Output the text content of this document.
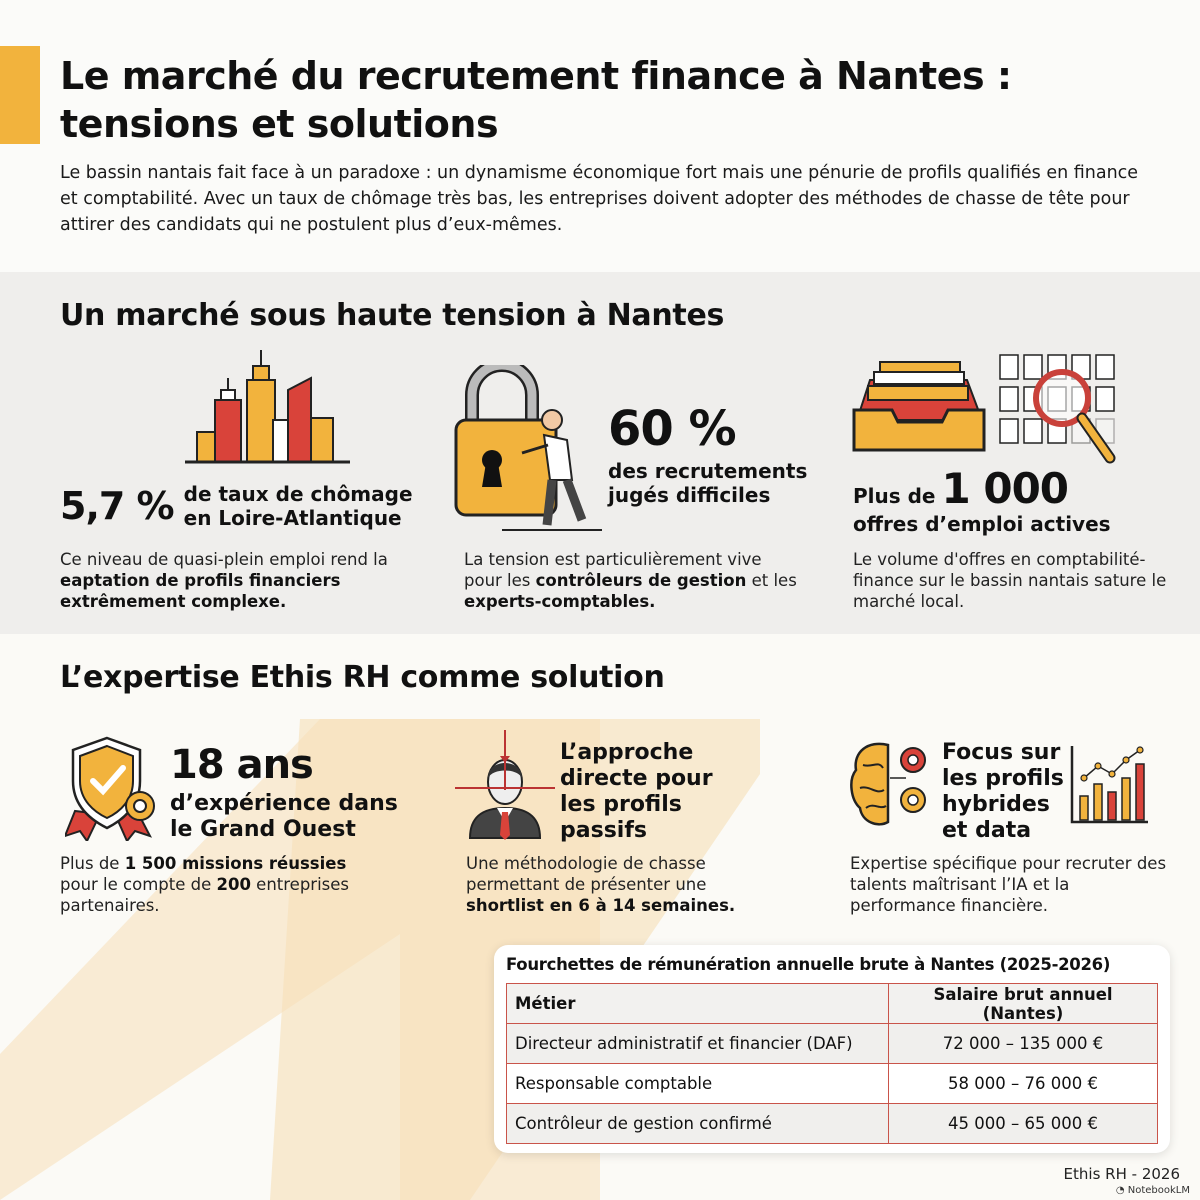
Le marché du recrutement finance à Nantes :
tensions et solutions

Le bassin nantais fait face à un paradoxe : un dynamisme économique fort mais une pénurie de profils qualifiés en finance et comptabilité. Avec un taux de chômage très bas, les entreprises doivent adopter des méthodes de chasse de tête pour attirer des candidats qui ne postulent plus d’eux-mêmes.

Un marché sous haute tension à Nantes
5,7 % de taux de chômage
en Loire-Atlantique

Ce niveau de quasi-plein emploi rend la eaptation de profils financiers extrêmement complexe.

60 %
des recrutements
jugés difficiles

La tension est particulièrement vive pour les contrôleurs de gestion et les experts-comptables.

Plus de 1 000
offres d’emploi actives

Le volume d'offres en comptabilité-finance sur le bassin nantais sature le marché local.

L’expertise Ethis RH comme solution
18 ans
d’expérience dans
le Grand Ouest

Plus de 1 500 missions réussies pour le compte de 200 entreprises partenaires.

L’approche
directe pour
les profils
passifs

Une méthodologie de chasse permettant de présenter une shortlist en 6 à 14 semaines.

Focus sur
les profils
hybrides
et data

Expertise spécifique pour recruter des talents maîtrisant l’IA et la performance financière.

Fourchettes de rémunération annuelle brute à Nantes (2025-2026)
Métier	Salaire brut annuel (Nantes)
Directeur administratif et financier (DAF)	72 000 – 135 000 €
Responsable comptable	58 000 – 76 000 €
Contrôleur de gestion confirmé	45 000 – 65 000 €
Ethis RH - 2026
◔ NotebookLM
